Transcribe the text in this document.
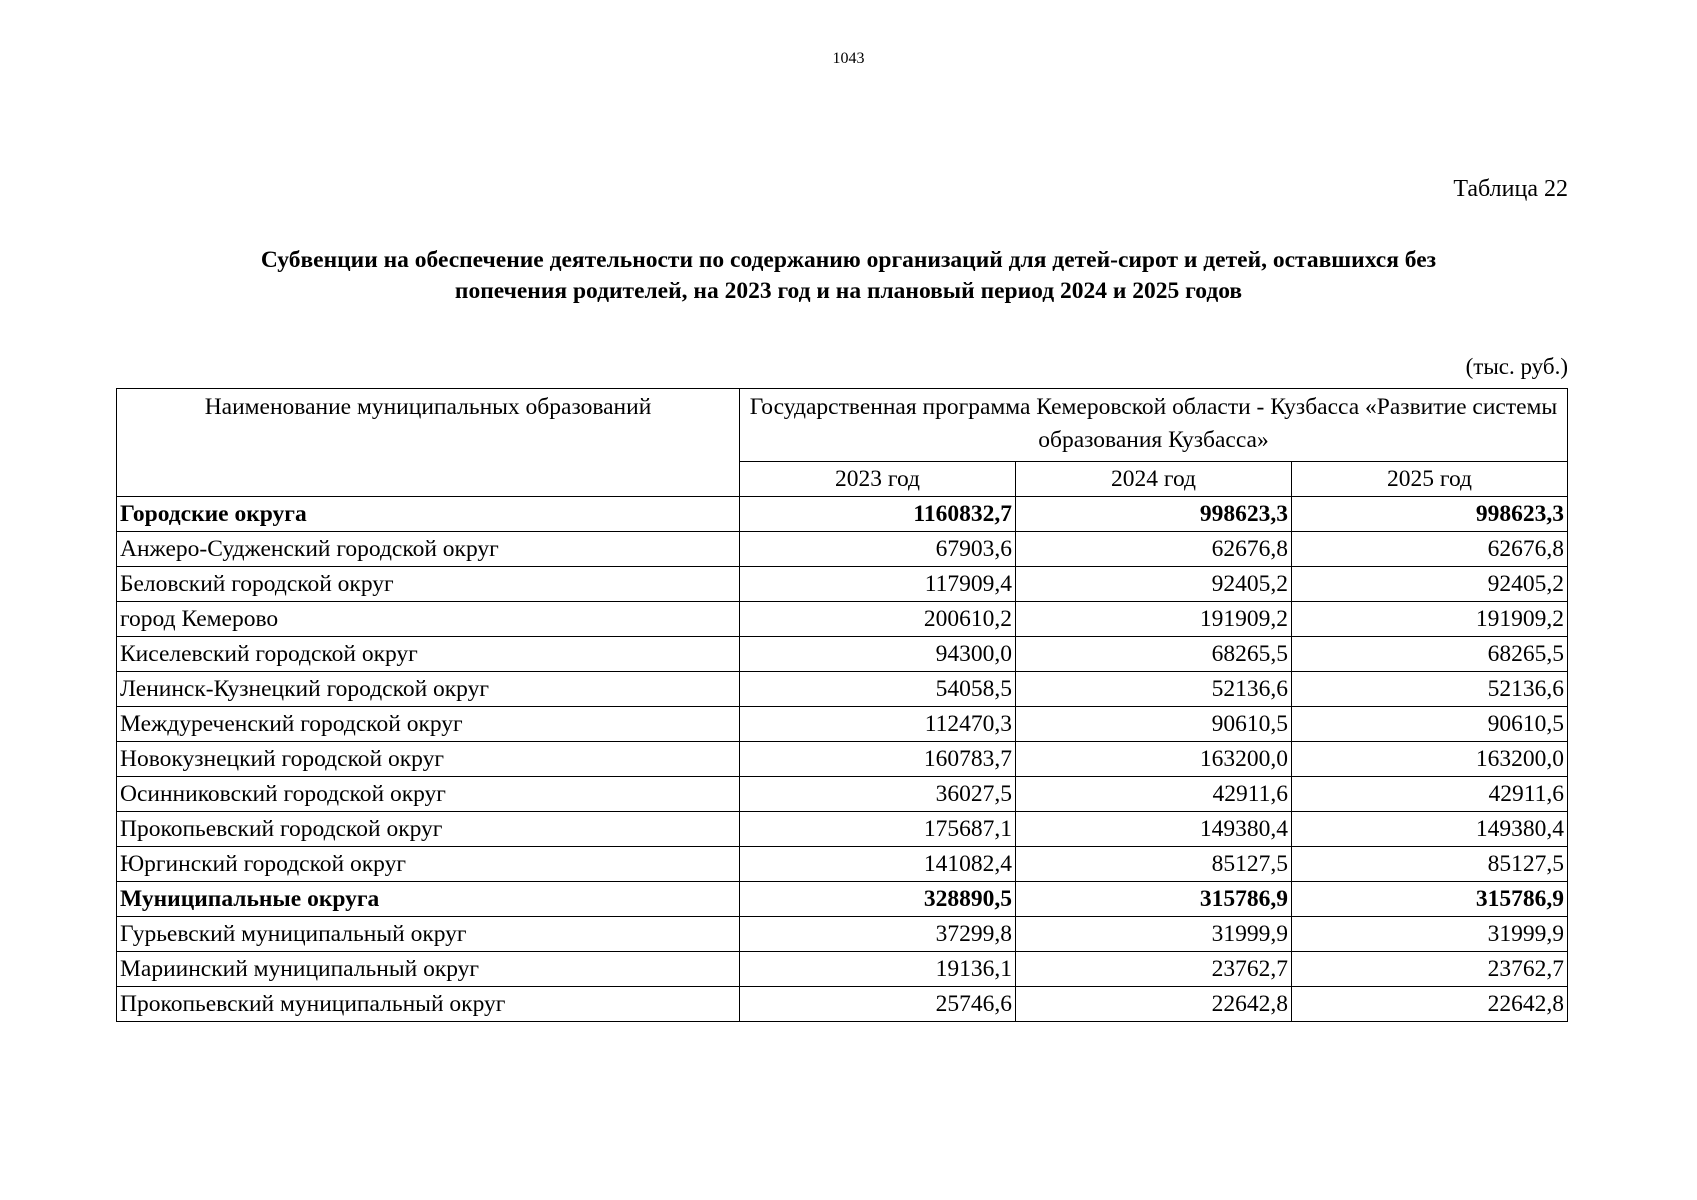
1043
Таблица 22
Субвенции на обеспечение деятельности по содержанию организаций для детей-сирот и детей, оставшихся без
попечения родителей, на 2023 год и на плановый период 2024 и 2025 годов
(тыс. руб.)
Наименование муниципальных образований	Государственная программа Кемеровской области - Кузбасса «Развитие системы образования Кузбасса»		
	2023 год	2024 год	2025 год
Городские округа	1160832,7	998623,3	998623,3
Анжеро-Судженский городской округ	67903,6	62676,8	62676,8
Беловский городской округ	117909,4	92405,2	92405,2
город Кемерово	200610,2	191909,2	191909,2
Киселевский городской округ	94300,0	68265,5	68265,5
Ленинск-Кузнецкий городской округ	54058,5	52136,6	52136,6
Междуреченский городской округ	112470,3	90610,5	90610,5
Новокузнецкий городской округ	160783,7	163200,0	163200,0
Осинниковский городской округ	36027,5	42911,6	42911,6
Прокопьевский городской округ	175687,1	149380,4	149380,4
Юргинский городской округ	141082,4	85127,5	85127,5
Муниципальные округа	328890,5	315786,9	315786,9
Гурьевский муниципальный округ	37299,8	31999,9	31999,9
Мариинский муниципальный округ	19136,1	23762,7	23762,7
Прокопьевский муниципальный округ	25746,6	22642,8	22642,8
